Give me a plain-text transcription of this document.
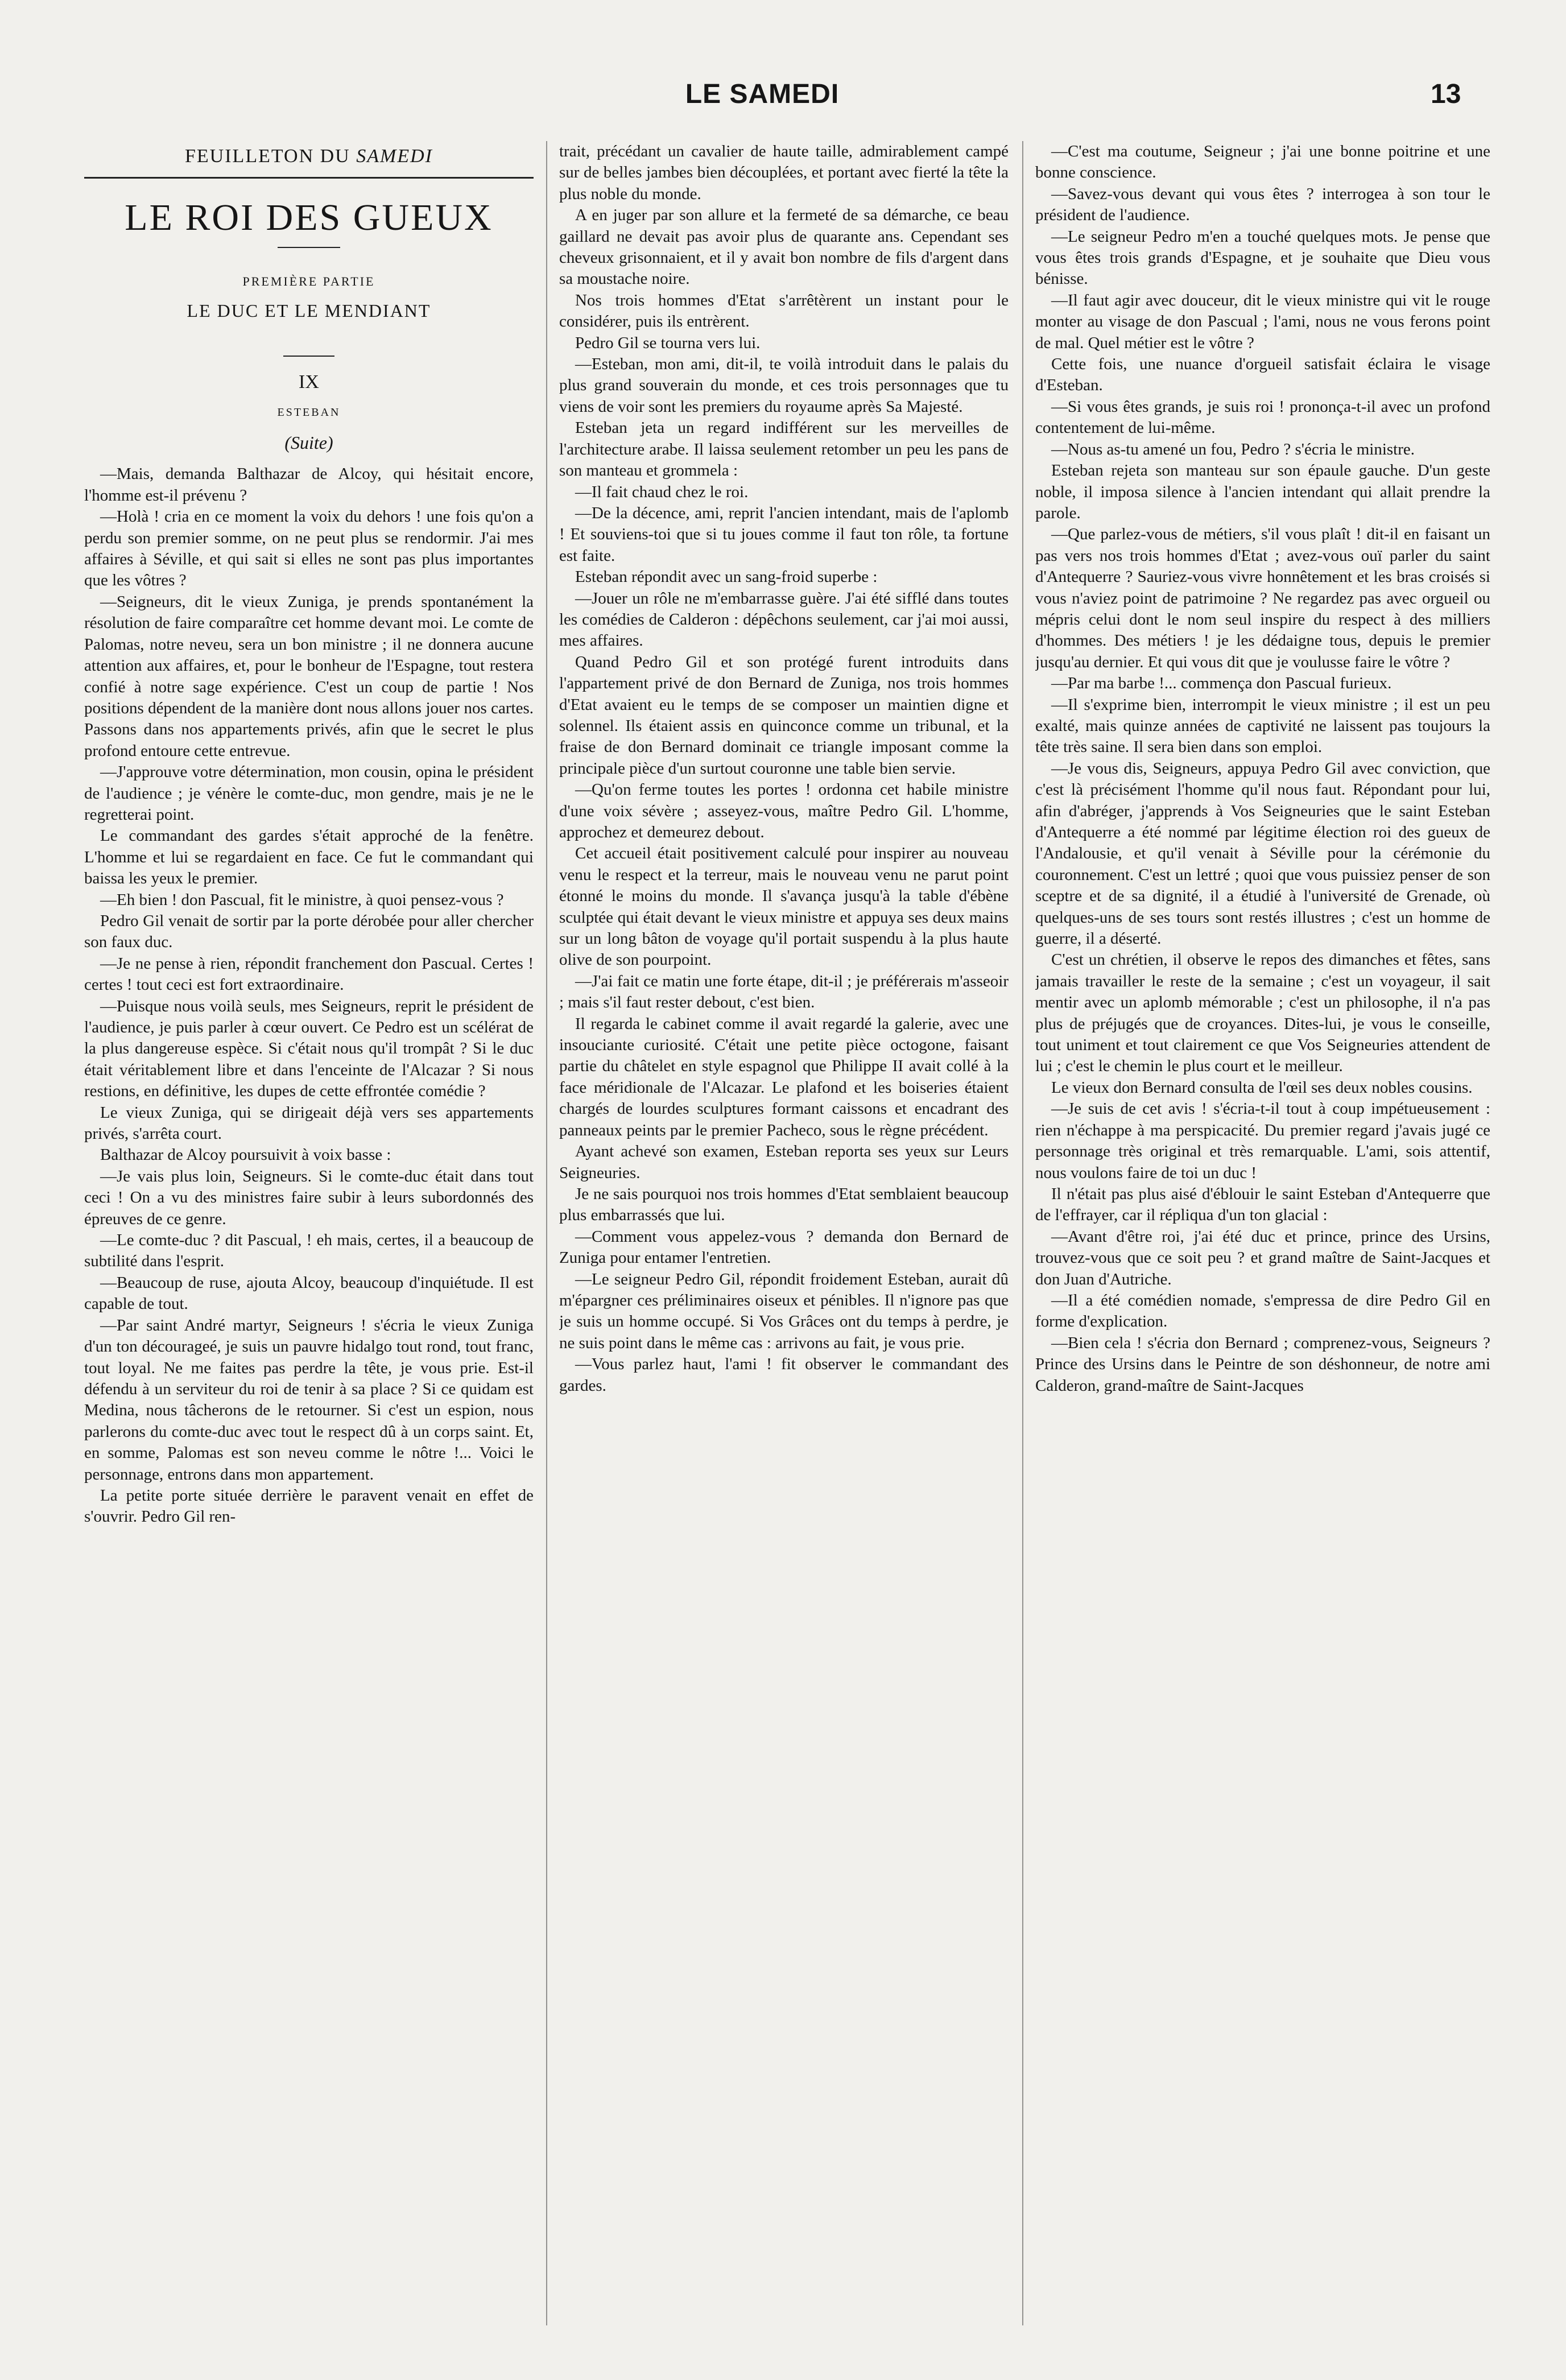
LE SAMEDI	13
FEUILLETON DU SAMEDI
LE ROI DES GUEUX
PREMIÈRE PARTIE
LE DUC ET LE MENDIANT
IX
ESTEBAN
(Suite)

—Mais, demanda Balthazar de Alcoy, qui hésitait encore, l'homme est-il prévenu ?

—Holà ! cria en ce moment la voix du dehors ! une fois qu'on a perdu son premier somme, on ne peut plus se rendormir. J'ai mes affaires à Séville, et qui sait si elles ne sont pas plus importantes que les vôtres ?

—Seigneurs, dit le vieux Zuniga, je prends spontanément la résolution de faire comparaître cet homme devant moi. Le comte de Palomas, notre neveu, sera un bon ministre ; il ne donnera aucune attention aux affaires, et, pour le bonheur de l'Espagne, tout restera confié à notre sage expérience. C'est un coup de partie ! Nos positions dépendent de la manière dont nous allons jouer nos cartes. Passons dans nos appartements privés, afin que le secret le plus profond entoure cette entrevue.

—J'approuve votre détermination, mon cousin, opina le président de l'audience ; je vénère le comte-duc, mon gendre, mais je ne le regretterai point.

Le commandant des gardes s'était approché de la fenêtre. L'homme et lui se regardaient en face. Ce fut le commandant qui baissa les yeux le premier.

—Eh bien ! don Pascual, fit le ministre, à quoi pensez-vous ?

Pedro Gil venait de sortir par la porte dérobée pour aller chercher son faux duc.

—Je ne pense à rien, répondit franchement don Pascual. Certes ! certes ! tout ceci est fort extraordinaire.

—Puisque nous voilà seuls, mes Seigneurs, reprit le président de l'audience, je puis parler à cœur ouvert. Ce Pedro est un scélérat de la plus dangereuse espèce. Si c'était nous qu'il trompât ? Si le duc était véritablement libre et dans l'enceinte de l'Alcazar ? Si nous restions, en définitive, les dupes de cette effrontée comédie ?

Le vieux Zuniga, qui se dirigeait déjà vers ses appartements privés, s'arrêta court.

Balthazar de Alcoy poursuivit à voix basse :

—Je vais plus loin, Seigneurs. Si le comte-duc était dans tout ceci ! On a vu des ministres faire subir à leurs subordonnés des épreuves de ce genre.

—Le comte-duc ? dit Pascual, ! eh mais, certes, il a beaucoup de subtilité dans l'esprit.

—Beaucoup de ruse, ajouta Alcoy, beaucoup d'inquiétude. Il est capable de tout.

—Par saint André martyr, Seigneurs ! s'écria le vieux Zuniga d'un ton décourageé, je suis un pauvre hidalgo tout rond, tout franc, tout loyal. Ne me faites pas perdre la tête, je vous prie. Est-il défendu à un serviteur du roi de tenir à sa place ? Si ce quidam est Medina, nous tâcherons de le retourner. Si c'est un espion, nous parlerons du comte-duc avec tout le respect dû à un corps saint. Et, en somme, Palomas est son neveu comme le nôtre !... Voici le personnage, entrons dans mon appartement.

La petite porte située derrière le paravent venait en effet de s'ouvrir. Pedro Gil ren-

trait, précédant un cavalier de haute taille, admirablement campé sur de belles jambes bien découplées, et portant avec fierté la tête la plus noble du monde.

A en juger par son allure et la fermeté de sa démarche, ce beau gaillard ne devait pas avoir plus de quarante ans. Cependant ses cheveux grisonnaient, et il y avait bon nombre de fils d'argent dans sa moustache noire.

Nos trois hommes d'Etat s'arrêtèrent un instant pour le considérer, puis ils entrèrent.

Pedro Gil se tourna vers lui.

—Esteban, mon ami, dit-il, te voilà introduit dans le palais du plus grand souverain du monde, et ces trois personnages que tu viens de voir sont les premiers du royaume après Sa Majesté.

Esteban jeta un regard indifférent sur les merveilles de l'architecture arabe. Il laissa seulement retomber un peu les pans de son manteau et grommela :

—Il fait chaud chez le roi.

—De la décence, ami, reprit l'ancien intendant, mais de l'aplomb ! Et souviens-toi que si tu joues comme il faut ton rôle, ta fortune est faite.

Esteban répondit avec un sang-froid superbe :

—Jouer un rôle ne m'embarrasse guère. J'ai été sifflé dans toutes les comédies de Calderon : dépêchons seulement, car j'ai moi aussi, mes affaires.

Quand Pedro Gil et son protégé furent introduits dans l'appartement privé de don Bernard de Zuniga, nos trois hommes d'Etat avaient eu le temps de se composer un maintien digne et solennel. Ils étaient assis en quinconce comme un tribunal, et la fraise de don Bernard dominait ce triangle imposant comme la principale pièce d'un surtout couronne une table bien servie.

—Qu'on ferme toutes les portes ! ordonna cet habile ministre d'une voix sévère ; asseyez-vous, maître Pedro Gil. L'homme, approchez et demeurez debout.

Cet accueil était positivement calculé pour inspirer au nouveau venu le respect et la terreur, mais le nouveau venu ne parut point étonné le moins du monde. Il s'avança jusqu'à la table d'ébène sculptée qui était devant le vieux ministre et appuya ses deux mains sur un long bâton de voyage qu'il portait suspendu à la plus haute olive de son pourpoint.

—J'ai fait ce matin une forte étape, dit-il ; je préférerais m'asseoir ; mais s'il faut rester debout, c'est bien.

Il regarda le cabinet comme il avait regardé la galerie, avec une insouciante curiosité. C'était une petite pièce octogone, faisant partie du châtelet en style espagnol que Philippe II avait collé à la face méridionale de l'Alcazar. Le plafond et les boiseries étaient chargés de lourdes sculptures formant caissons et encadrant des panneaux peints par le premier Pacheco, sous le règne précédent.

Ayant achevé son examen, Esteban reporta ses yeux sur Leurs Seigneuries.

Je ne sais pourquoi nos trois hommes d'Etat semblaient beaucoup plus embarrassés que lui.

—Comment vous appelez-vous ? demanda don Bernard de Zuniga pour entamer l'entretien.

—Le seigneur Pedro Gil, répondit froidement Esteban, aurait dû m'épargner ces préliminaires oiseux et pénibles. Il n'ignore pas que je suis un homme occupé. Si Vos Grâces ont du temps à perdre, je ne suis point dans le même cas : arrivons au fait, je vous prie.

—Vous parlez haut, l'ami ! fit observer le commandant des gardes.

—C'est ma coutume, Seigneur ; j'ai une bonne poitrine et une bonne conscience.

—Savez-vous devant qui vous êtes ? interrogea à son tour le président de l'audience.

—Le seigneur Pedro m'en a touché quelques mots. Je pense que vous êtes trois grands d'Espagne, et je souhaite que Dieu vous bénisse.

—Il faut agir avec douceur, dit le vieux ministre qui vit le rouge monter au visage de don Pascual ; l'ami, nous ne vous ferons point de mal. Quel métier est le vôtre ?

Cette fois, une nuance d'orgueil satisfait éclaira le visage d'Esteban.

—Si vous êtes grands, je suis roi ! prononça-t-il avec un profond contentement de lui-même.

—Nous as-tu amené un fou, Pedro ? s'écria le ministre.

Esteban rejeta son manteau sur son épaule gauche. D'un geste noble, il imposa silence à l'ancien intendant qui allait prendre la parole.

—Que parlez-vous de métiers, s'il vous plaît ! dit-il en faisant un pas vers nos trois hommes d'Etat ; avez-vous ouï parler du saint d'Antequerre ? Sauriez-vous vivre honnêtement et les bras croisés si vous n'aviez point de patrimoine ? Ne regardez pas avec orgueil ou mépris celui dont le nom seul inspire du respect à des milliers d'hommes. Des métiers ! je les dédaigne tous, depuis le premier jusqu'au dernier. Et qui vous dit que je voulusse faire le vôtre ?

—Par ma barbe !... commença don Pascual furieux.

—Il s'exprime bien, interrompit le vieux ministre ; il est un peu exalté, mais quinze années de captivité ne laissent pas toujours la tête très saine. Il sera bien dans son emploi.

—Je vous dis, Seigneurs, appuya Pedro Gil avec conviction, que c'est là précisément l'homme qu'il nous faut. Répondant pour lui, afin d'abréger, j'apprends à Vos Seigneuries que le saint Esteban d'Antequerre a été nommé par légitime élection roi des gueux de l'Andalousie, et qu'il venait à Séville pour la cérémonie du couronnement. C'est un lettré ; quoi que vous puissiez penser de son sceptre et de sa dignité, il a étudié à l'université de Grenade, où quelques-uns de ses tours sont restés illustres ; c'est un homme de guerre, il a déserté.

C'est un chrétien, il observe le repos des dimanches et fêtes, sans jamais travailler le reste de la semaine ; c'est un voyageur, il sait mentir avec un aplomb mémorable ; c'est un philosophe, il n'a pas plus de préjugés que de croyances. Dites-lui, je vous le conseille, tout uniment et tout clairement ce que Vos Seigneuries attendent de lui ; c'est le chemin le plus court et le meilleur.

Le vieux don Bernard consulta de l'œil ses deux nobles cousins.

—Je suis de cet avis ! s'écria-t-il tout à coup impétueusement : rien n'échappe à ma perspicacité. Du premier regard j'avais jugé ce personnage très original et très remarquable. L'ami, sois attentif, nous voulons faire de toi un duc !

Il n'était pas plus aisé d'éblouir le saint Esteban d'Antequerre que de l'effrayer, car il répliqua d'un ton glacial :

—Avant d'être roi, j'ai été duc et prince, prince des Ursins, trouvez-vous que ce soit peu ? et grand maître de Saint-Jacques et don Juan d'Autriche.

—Il a été comédien nomade, s'empressa de dire Pedro Gil en forme d'explication.

—Bien cela ! s'écria don Bernard ; comprenez-vous, Seigneurs ? Prince des Ursins dans le Peintre de son déshonneur, de notre ami Calderon, grand-maître de Saint-Jacques
